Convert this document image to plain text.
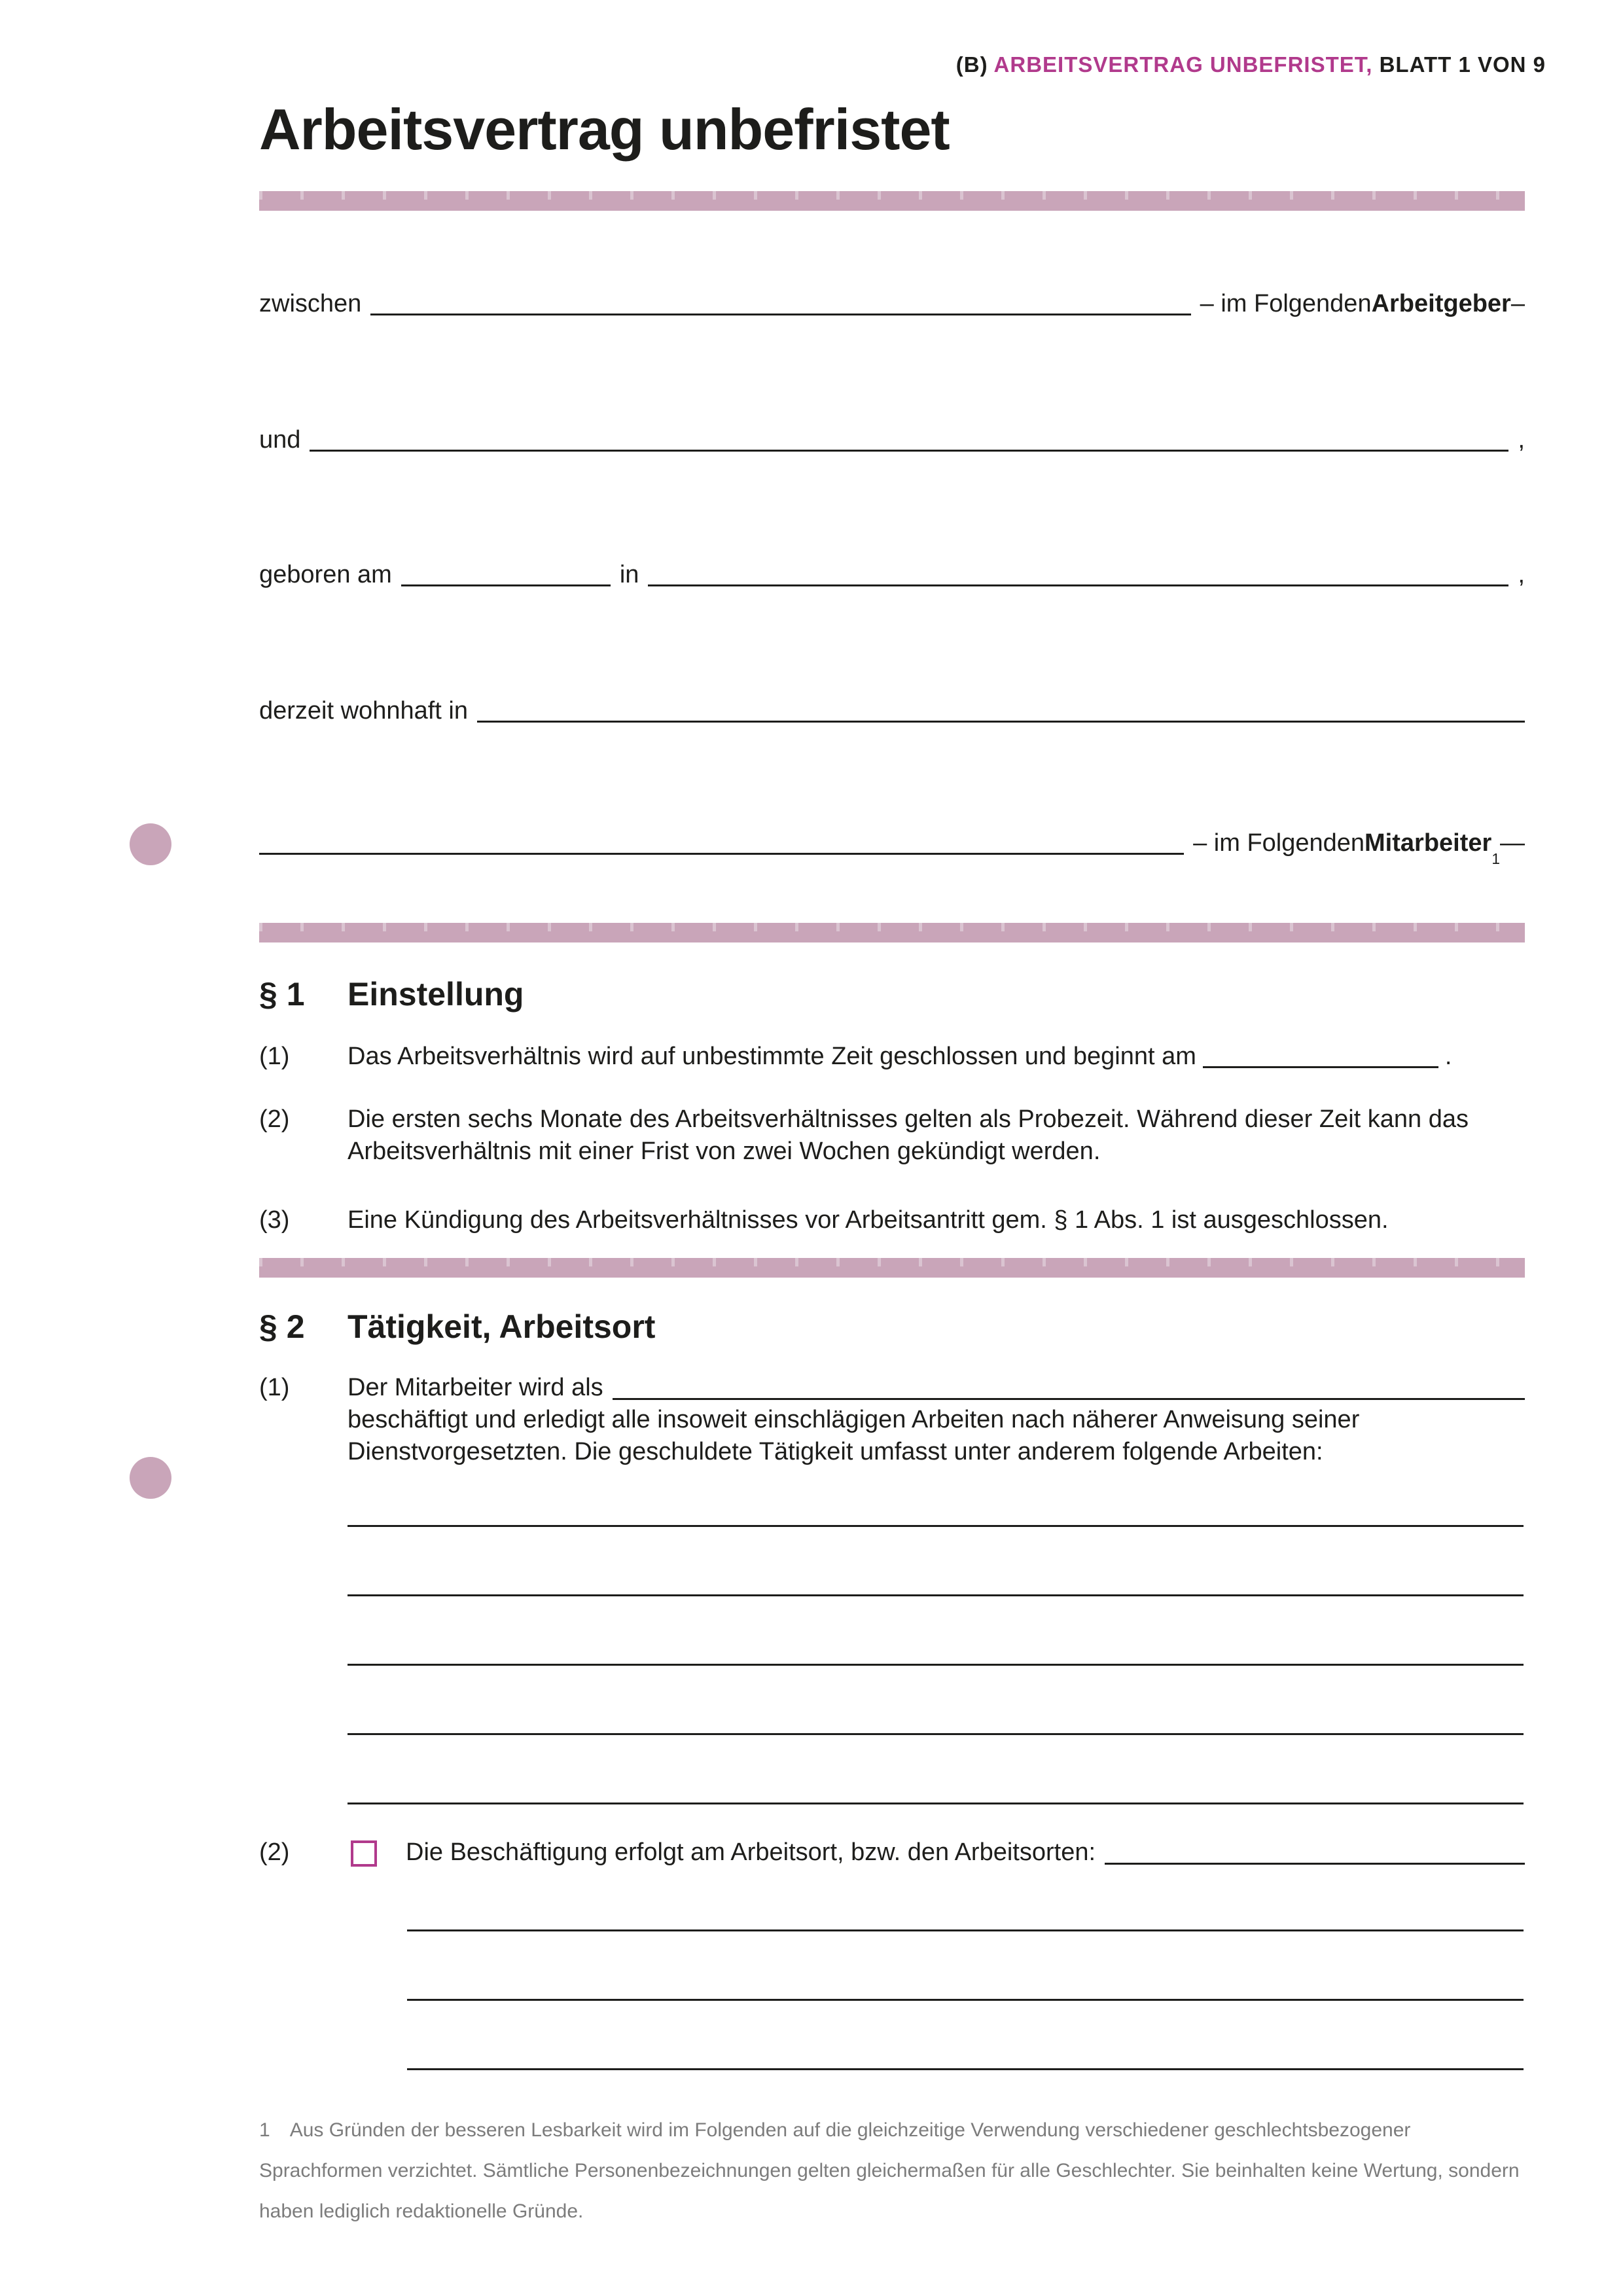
(B) ARBEITSVERTRAG UNBEFRISTET, BLATT 1 VON 9
Arbeitsvertrag unbefristet
zwischen	– im Folgenden Arbeitgeber –
und	,
geboren am	in	,
derzeit wohnhaft in
– im Folgenden Mitarbeiter
1
—
§ 1	Einstellung
(1)	Das Arbeitsverhältnis wird auf unbestimmte Zeit geschlossen und beginnt am	.
(2)	Die ersten sechs Monate des Arbeitsverhältnisses gelten als Probezeit. Während dieser Zeit kann das Arbeitsverhältnis mit einer Frist von zwei Wochen gekündigt werden.
(3)	Eine Kündigung des Arbeitsverhältnisses vor Arbeitsantritt gem. § 1 Abs. 1 ist ausgeschlossen.
§ 2	Tätigkeit, Arbeitsort
(1)	Der Mitarbeiter wird als
beschäftigt und erledigt alle insoweit einschlägigen Arbeiten nach näherer Anweisung seiner Dienstvorgesetzten. Die geschuldete Tätigkeit umfasst unter anderem folgende Arbeiten:
(2)	Die Beschäftigung erfolgt am Arbeitsort, bzw. den Arbeitsorten:
1 Aus Gründen der besseren Lesbarkeit wird im Folgenden auf die gleichzeitige Verwendung verschiedener geschlechtsbezogener Sprachformen verzichtet. Sämtliche Personenbezeichnungen gelten gleichermaßen für alle Geschlechter. Sie beinhalten keine Wertung, sondern haben lediglich redaktionelle Gründe.
